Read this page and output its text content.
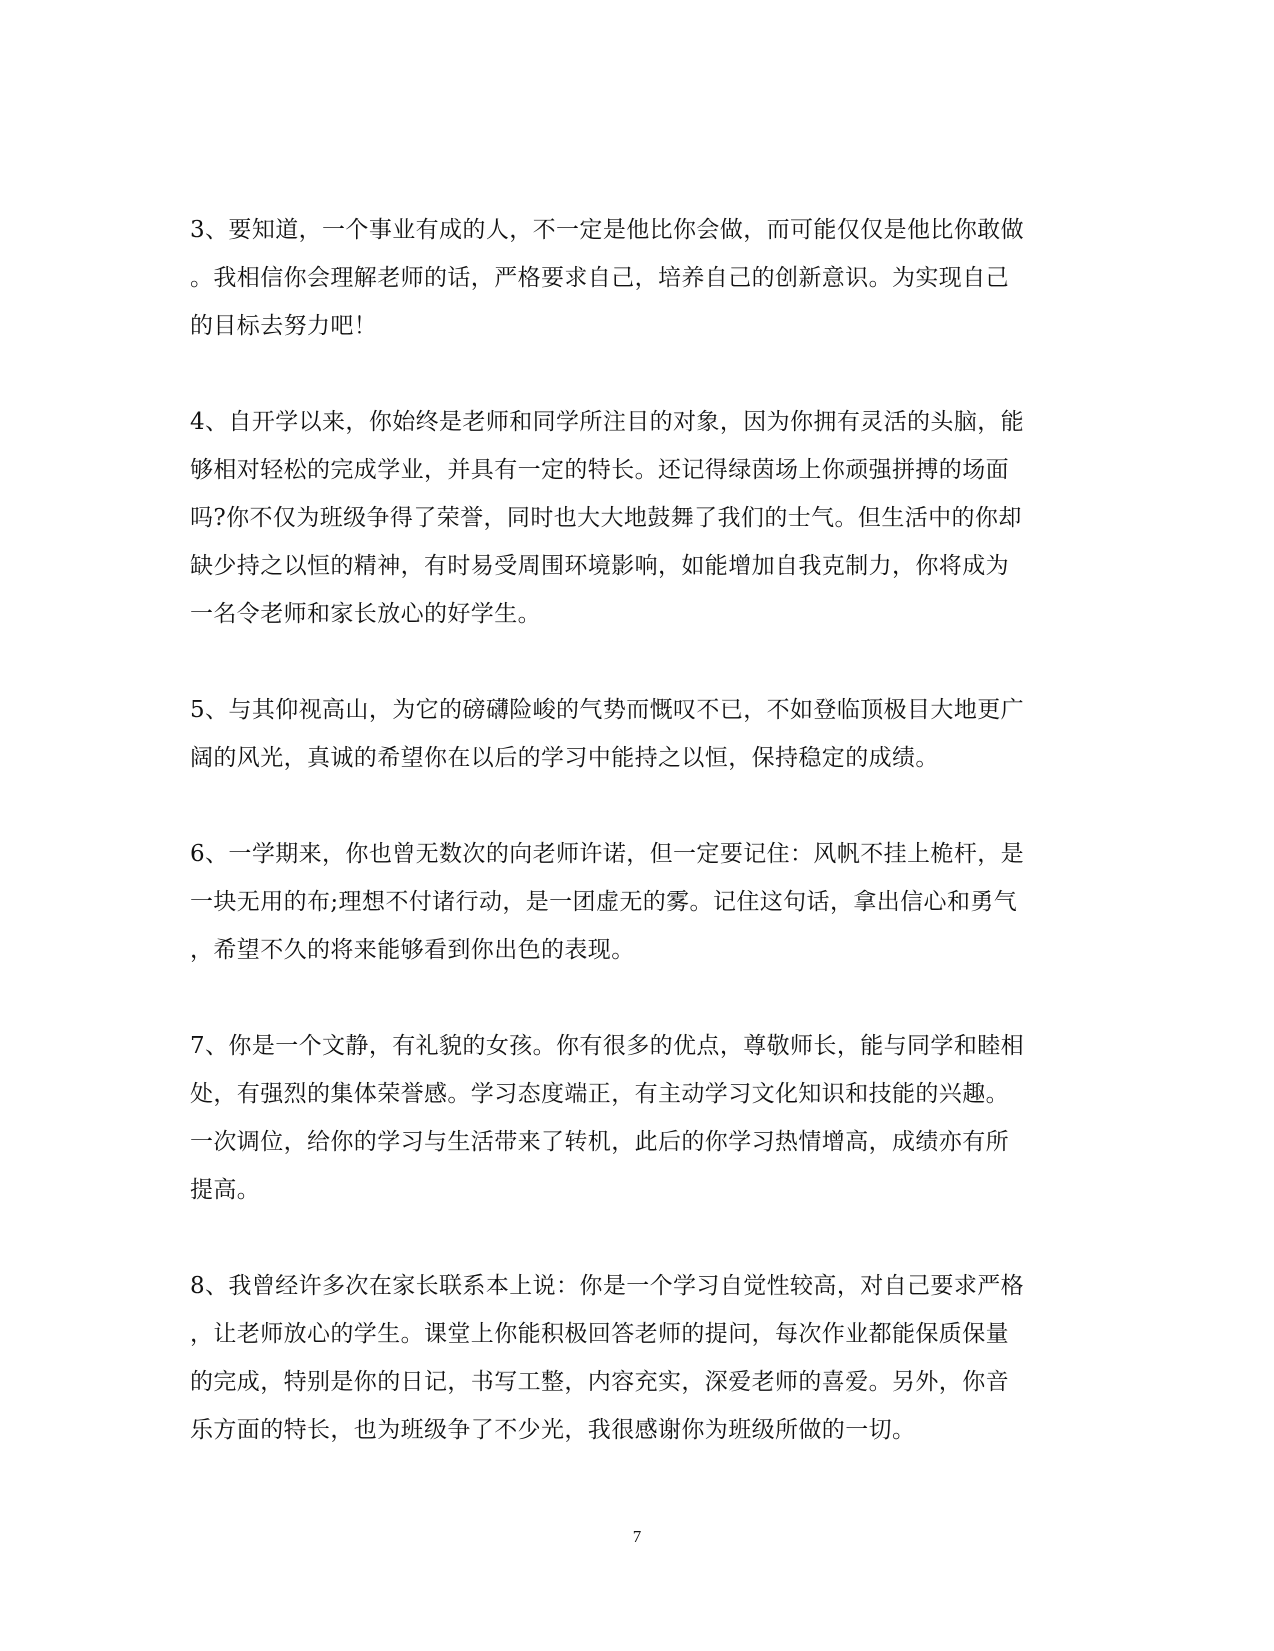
3、要知道，一个事业有成的人，不一定是他比你会做，而可能仅仅是他比你敢做
。我相信你会理解老师的话，严格要求自己，培养自己的创新意识。为实现自己
的目标去努力吧！
4、自开学以来，你始终是老师和同学所注目的对象，因为你拥有灵活的头脑，能
够相对轻松的完成学业，并具有一定的特长。还记得绿茵场上你顽强拼搏的场面
吗?你不仅为班级争得了荣誉，同时也大大地鼓舞了我们的士气。但生活中的你却
缺少持之以恒的精神，有时易受周围环境影响，如能增加自我克制力，你将成为
一名令老师和家长放心的好学生。
5、与其仰视高山，为它的磅礴险峻的气势而慨叹不已，不如登临顶极目大地更广
阔的风光，真诚的希望你在以后的学习中能持之以恒，保持稳定的成绩。
6、一学期来，你也曾无数次的向老师许诺，但一定要记住：风帆不挂上桅杆，是
一块无用的布;理想不付诸行动，是一团虚无的雾。记住这句话，拿出信心和勇气
，希望不久的将来能够看到你出色的表现。
7、你是一个文静，有礼貌的女孩。你有很多的优点，尊敬师长，能与同学和睦相
处，有强烈的集体荣誉感。学习态度端正，有主动学习文化知识和技能的兴趣。
一次调位，给你的学习与生活带来了转机，此后的你学习热情增高，成绩亦有所
提高。
8、我曾经许多次在家长联系本上说：你是一个学习自觉性较高，对自己要求严格
，让老师放心的学生。课堂上你能积极回答老师的提问，每次作业都能保质保量
的完成，特别是你的日记，书写工整，内容充实，深爱老师的喜爱。另外，你音
乐方面的特长，也为班级争了不少光，我很感谢你为班级所做的一切。
7
